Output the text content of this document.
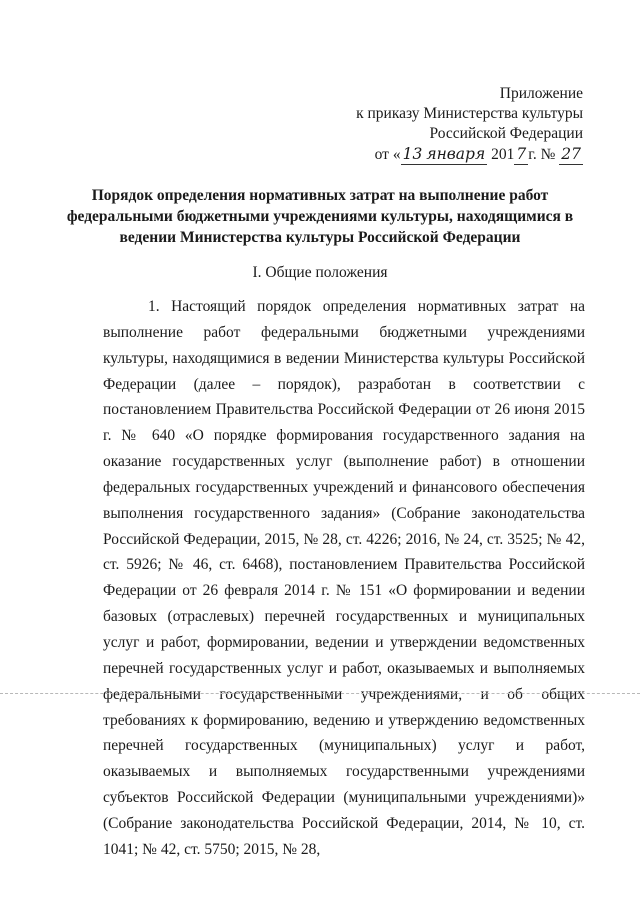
Приложение
к приказу Министерства культуры
Российской Федерации
от « 13 января 201 7 г. № 27
Порядок определения нормативных затрат на выполнение работ федеральными бюджетными учреждениями культуры, находящимися в ведении Министерства культуры Российской Федерации
I. Общие положения
1. Настоящий порядок определения нормативных затрат на выполнение работ федеральными бюджетными учреждениями культуры, находящимися в ведении Министерства культуры Российской Федерации (далее – порядок), разработан в соответствии с постановлением Правительства Российской Федерации от 26 июня 2015 г. № 640 «О порядке формирования государственного задания на оказание государственных услуг (выполнение работ) в отношении федеральных государственных учреждений и финансового обеспечения выполнения государственного задания» (Собрание законодательства Российской Федерации, 2015, № 28, ст. 4226; 2016, № 24, ст. 3525; № 42, ст. 5926; № 46, ст. 6468), постановлением Правительства Российской Федерации от 26 февраля 2014 г. № 151 «О формировании и ведении базовых (отраслевых) перечней государственных и муниципальных услуг и работ, формировании, ведении и утверждении ведомственных перечней государственных услуг и работ, оказываемых и выполняемых федеральными государственными учреждениями, и об общих требованиях к формированию, ведению и утверждению ведомственных перечней государственных (муниципальных) услуг и работ, оказываемых и выполняемых государственными учреждениями субъектов Российской Федерации (муниципальными учреждениями)» (Собрание законодательства Российской Федерации, 2014, № 10, ст. 1041; № 42, ст. 5750; 2015, № 28,
